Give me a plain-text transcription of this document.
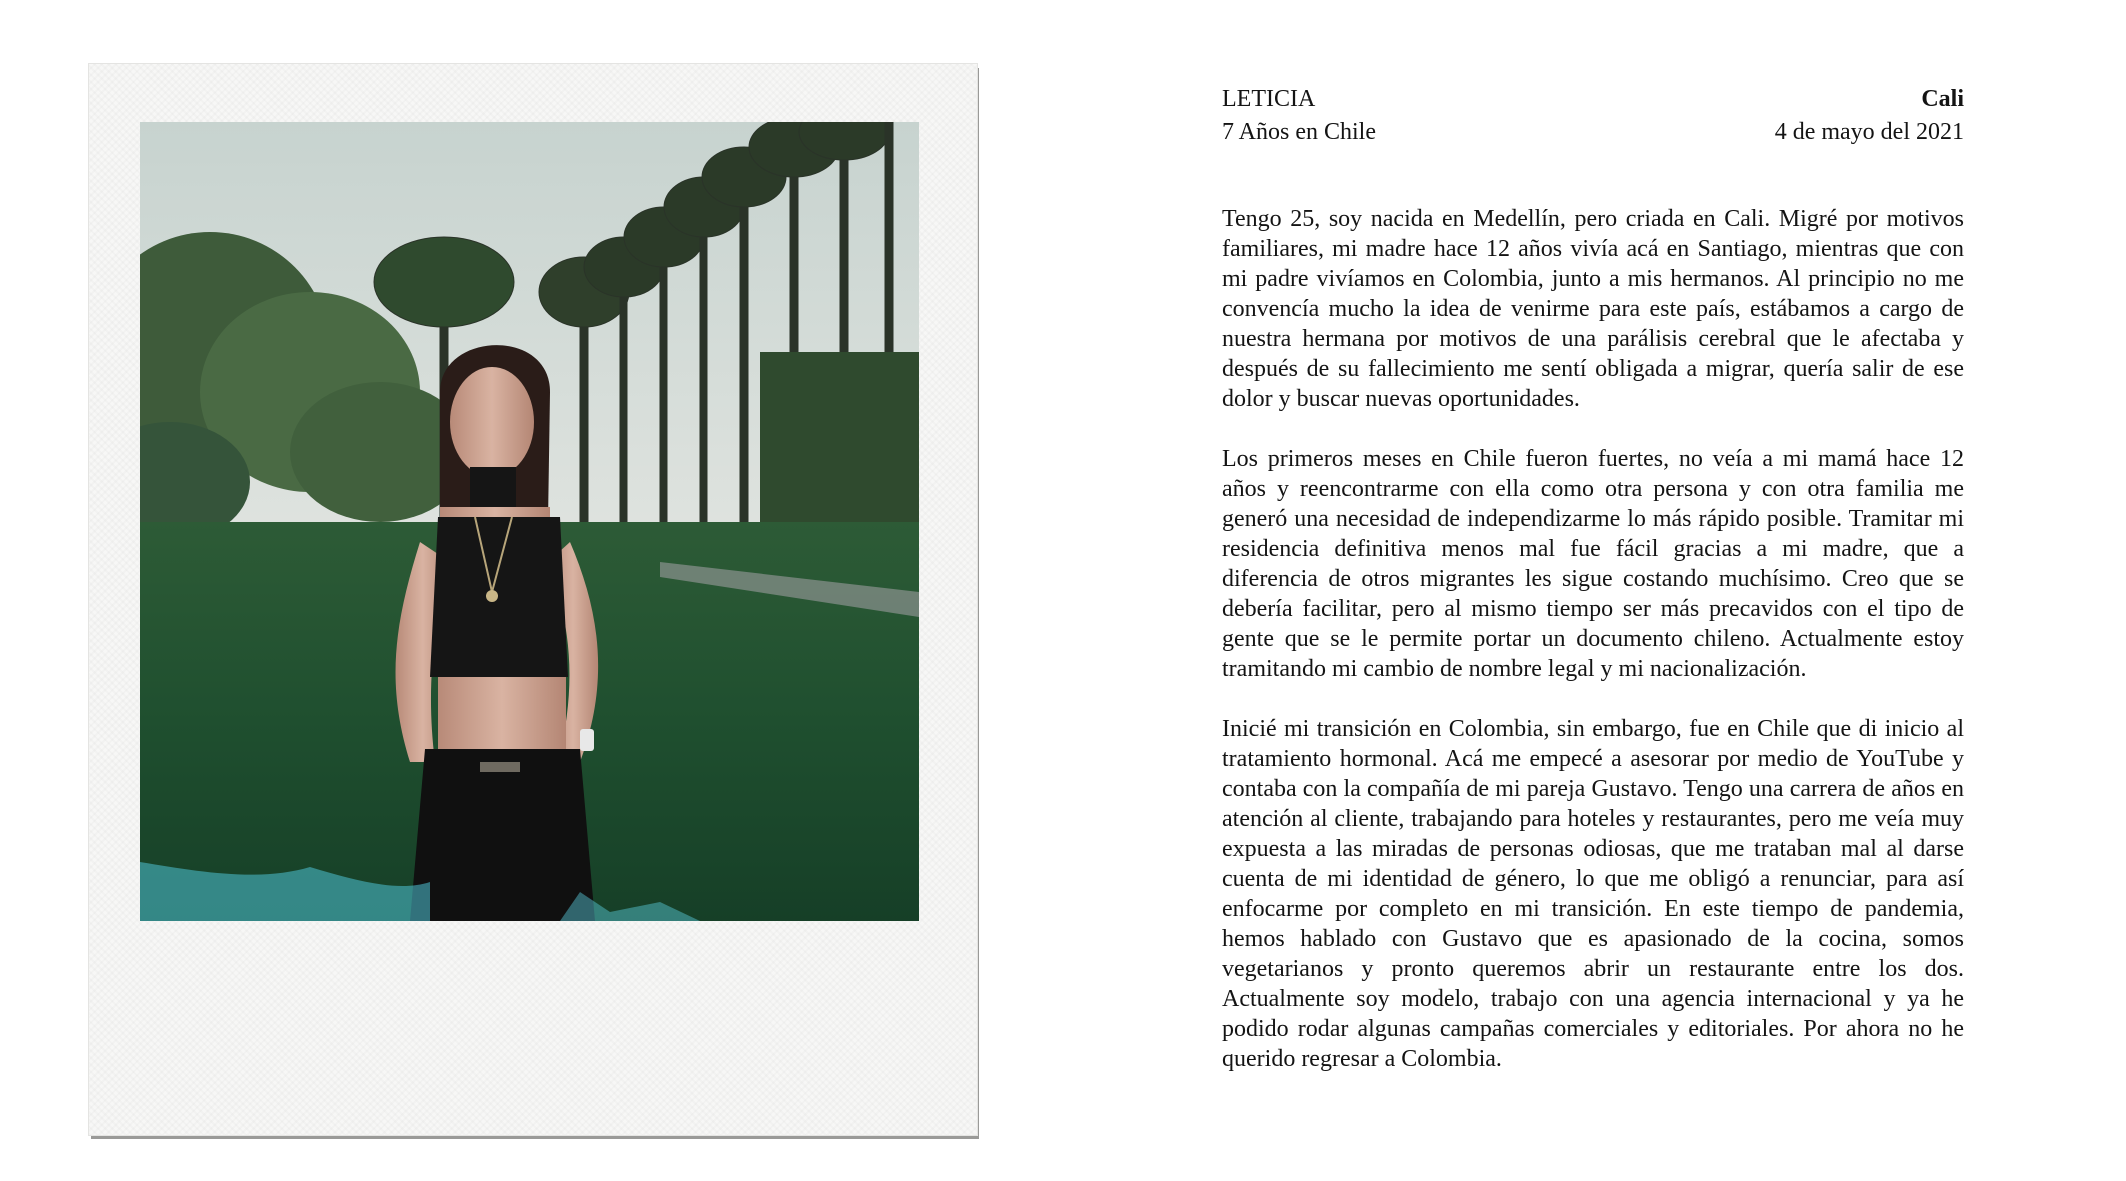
LETICIA	Cali
7 Años en Chile	4 de mayo del 2021

Tengo 25, soy nacida en Medellín, pero criada en Cali. Migré por motivos familiares, mi madre hace 12 años vivía acá en Santiago, mientras que con mi padre vivíamos en Colombia, junto a mis hermanos. Al principio no me convencía mucho la idea de venirme para este país, estábamos a cargo de nuestra hermana por motivos de una parálisis cerebral que le afectaba y después de su fallecimiento me sentí obligada a migrar, quería salir de ese dolor y buscar nuevas oportunidades.

Los primeros meses en Chile fueron fuertes, no veía a mi mamá hace 12 años y reencontrarme con ella como otra persona y con otra familia me generó una necesidad de independizarme lo más rápido posible. Tramitar mi residencia definitiva menos mal fue fácil gracias a mi madre, que a diferencia de otros migrantes les sigue costando muchísimo. Creo que se debería facilitar, pero al mismo tiempo ser más precavidos con el tipo de gente que se le permite portar un documento chileno. Actualmente estoy tramitando mi cambio de nombre legal y mi nacionalización.

Inicié mi transición en Colombia, sin embargo, fue en Chile que di inicio al tratamiento hormonal. Acá me empecé a asesorar por medio de YouTube y contaba con la compañía de mi pareja Gustavo. Tengo una carrera de años en atención al cliente, trabajando para hoteles y restaurantes, pero me veía muy expuesta a las miradas de personas odiosas, que me trataban mal al darse cuenta de mi identidad de género, lo que me obligó a renunciar, para así enfocarme por completo en mi transición. En este tiempo de pandemia, hemos hablado con Gustavo que es apasionado de la cocina, somos vegetarianos y pronto queremos abrir un restaurante entre los dos. Actualmente soy modelo, trabajo con una agencia internacional y ya he podido rodar algunas campañas comerciales y editoriales. Por ahora no he querido regresar a Colombia.
